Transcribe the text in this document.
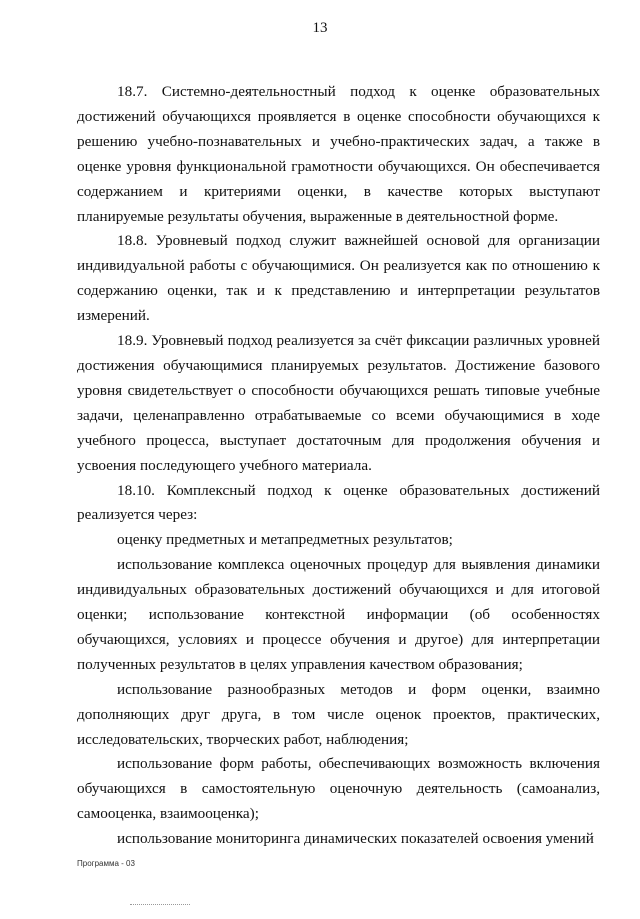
13

18.7. Системно-деятельностный подход к оценке образовательных достижений обучающихся проявляется в оценке способности обучающихся к решению учебно-познавательных и учебно-практических задач, а также в оценке уровня функциональной грамотности обучающихся. Он обеспечивается содержанием и критериями оценки, в качестве которых выступают планируемые результаты обучения, выраженные в деятельностной форме.

18.8. Уровневый подход служит важнейшей основой для организации индивидуальной работы с обучающимися. Он реализуется как по отношению к содержанию оценки, так и к представлению и интерпретации результатов измерений.

18.9. Уровневый подход реализуется за счёт фиксации различных уровней достижения обучающимися планируемых результатов. Достижение базового уровня свидетельствует о способности обучающихся решать типовые учебные задачи, целенаправленно отрабатываемые со всеми обучающимися в ходе учебного процесса, выступает достаточным для продолжения обучения и усвоения последующего учебного материала.

18.10. Комплексный подход к оценке образовательных достижений реализуется через:

оценку предметных и метапредметных результатов;

использование комплекса оценочных процедур для выявления динамики индивидуальных образовательных достижений обучающихся и для итоговой оценки; использование контекстной информации (об особенностях обучающихся, условиях и процессе обучения и другое) для интерпретации полученных результатов в целях управления качеством образования;

использование разнообразных методов и форм оценки, взаимно дополняющих друг друга, в том числе оценок проектов, практических, исследовательских, творческих работ, наблюдения;

использование форм работы, обеспечивающих возможность включения обучающихся в самостоятельную оценочную деятельность (самоанализ, самооценка, взаимооценка);

использование мониторинга динамических показателей освоения умений

Программа - 03
